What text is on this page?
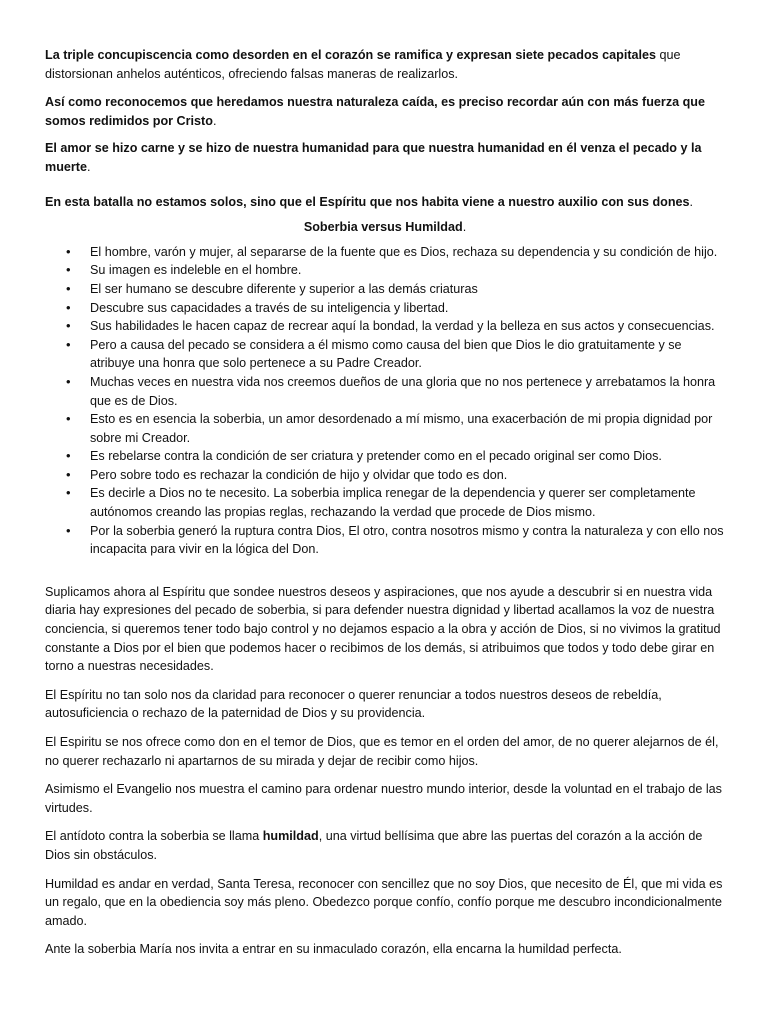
La triple concupiscencia como desorden en el corazón se ramifica y expresan siete pecados capitales que distorsionan anhelos auténticos, ofreciendo falsas maneras de realizarlos.

Así como reconocemos que heredamos nuestra naturaleza caída, es preciso recordar aún con más fuerza que somos redimidos por Cristo.

El amor se hizo carne y se hizo de nuestra humanidad para que nuestra humanidad en él venza el pecado y la muerte.

En esta batalla no estamos solos, sino que el Espíritu que nos habita viene a nuestro auxilio con sus dones.

Soberbia versus Humildad.

• El hombre, varón y mujer, al separarse de la fuente que es Dios, rechaza su dependencia y su condición de hijo.
• Su imagen es indeleble en el hombre.
• El ser humano se descubre diferente y superior a las demás criaturas
• Descubre sus capacidades a través de su inteligencia y libertad.
• Sus habilidades le hacen capaz de recrear aquí la bondad, la verdad y la belleza en sus actos y consecuencias.
• Pero a causa del pecado se considera a él mismo como causa del bien que Dios le dio gratuitamente y se atribuye una honra que solo pertenece a su Padre Creador.
• Muchas veces en nuestra vida nos creemos dueños de una gloria que no nos pertenece y arrebatamos la honra que es de Dios.
• Esto es en esencia la soberbia, un amor desordenado a mí mismo, una exacerbación de mi propia dignidad por sobre mi Creador.
• Es rebelarse contra la condición de ser criatura y pretender como en el pecado original ser como Dios.
• Pero sobre todo es rechazar la condición de hijo y olvidar que todo es don.
• Es decirle a Dios no te necesito. La soberbia implica renegar de la dependencia y querer ser completamente autónomos creando las propias reglas, rechazando la verdad que procede de Dios mismo.
• Por la soberbia generó la ruptura contra Dios, El otro, contra nosotros mismo y contra la naturaleza y con ello nos incapacita para vivir en la lógica del Don.

Suplicamos ahora al Espíritu que sondee nuestros deseos y aspiraciones, que nos ayude a descubrir si en nuestra vida diaria hay expresiones del pecado de soberbia, si para defender nuestra dignidad y libertad acallamos la voz de nuestra conciencia, si queremos tener todo bajo control y no dejamos espacio a la obra y acción de Dios, si no vivimos la gratitud constante a Dios por el bien que podemos hacer o recibimos de los demás, si atribuimos que todos y todo debe girar en torno a nuestras necesidades.

El Espíritu no tan solo nos da claridad para reconocer o querer renunciar a todos nuestros deseos de rebeldía, autosuficiencia o rechazo de la paternidad de Dios y su providencia.

El Espiritu se nos ofrece como don en el temor de Dios, que es temor en el orden del amor, de no querer alejarnos de él, no querer rechazarlo ni apartarnos de su mirada y dejar de recibir como hijos.

Asimismo el Evangelio nos muestra el camino para ordenar nuestro mundo interior, desde la voluntad en el trabajo de las virtudes.

El antídoto contra la soberbia se llama humildad, una virtud bellísima que abre las puertas del corazón a la acción de Dios sin obstáculos.

Humildad es andar en verdad, Santa Teresa, reconocer con sencillez que no soy Dios, que necesito de Él, que mi vida es un regalo, que en la obediencia soy más pleno. Obedezco porque confío, confío porque me descubro incondicionalmente amado.

Ante la soberbia María nos invita a entrar en su inmaculado corazón, ella encarna la humildad perfecta.
